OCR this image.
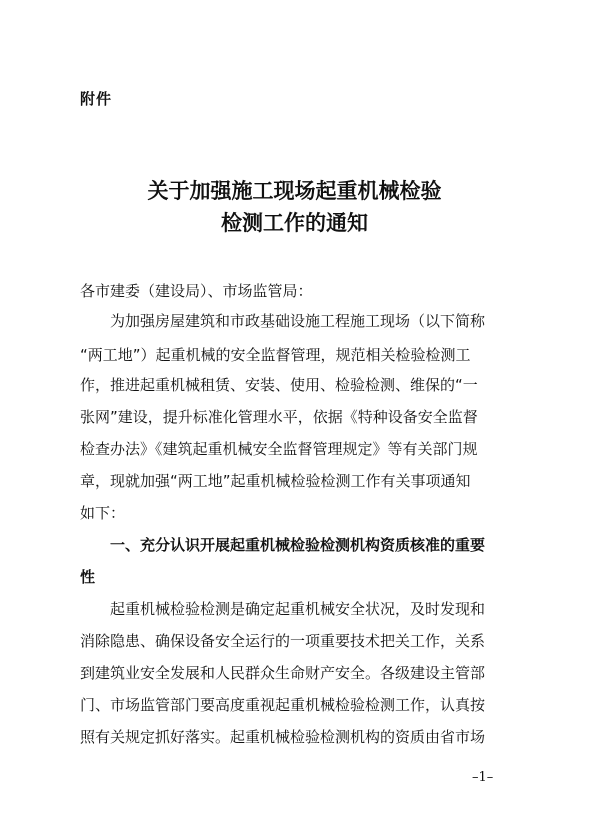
附件
关于加强施工现场起重机械检验
检测工作的通知
各市建委（建设局）、市场监管局：
为加强房屋建筑和市政基础设施工程施工现场（以下简称
“两工地”）起重机械的安全监督管理，规范相关检验检测工
作，推进起重机械租赁、安装、使用、检验检测、维保的“一
张网”建设，提升标准化管理水平，依据《特种设备安全监督
检查办法》《建筑起重机械安全监督管理规定》等有关部门规
章，现就加强“两工地”起重机械检验检测工作有关事项通知
如下：
一、充分认识开展起重机械检验检测机构资质核准的重要
性
起重机械检验检测是确定起重机械安全状况，及时发现和
消除隐患、确保设备安全运行的一项重要技术把关工作，关系
到建筑业安全发展和人民群众生命财产安全。各级建设主管部
门、市场监管部门要高度重视起重机械检验检测工作，认真按
照有关规定抓好落实。起重机械检验检测机构的资质由省市场
–1–
